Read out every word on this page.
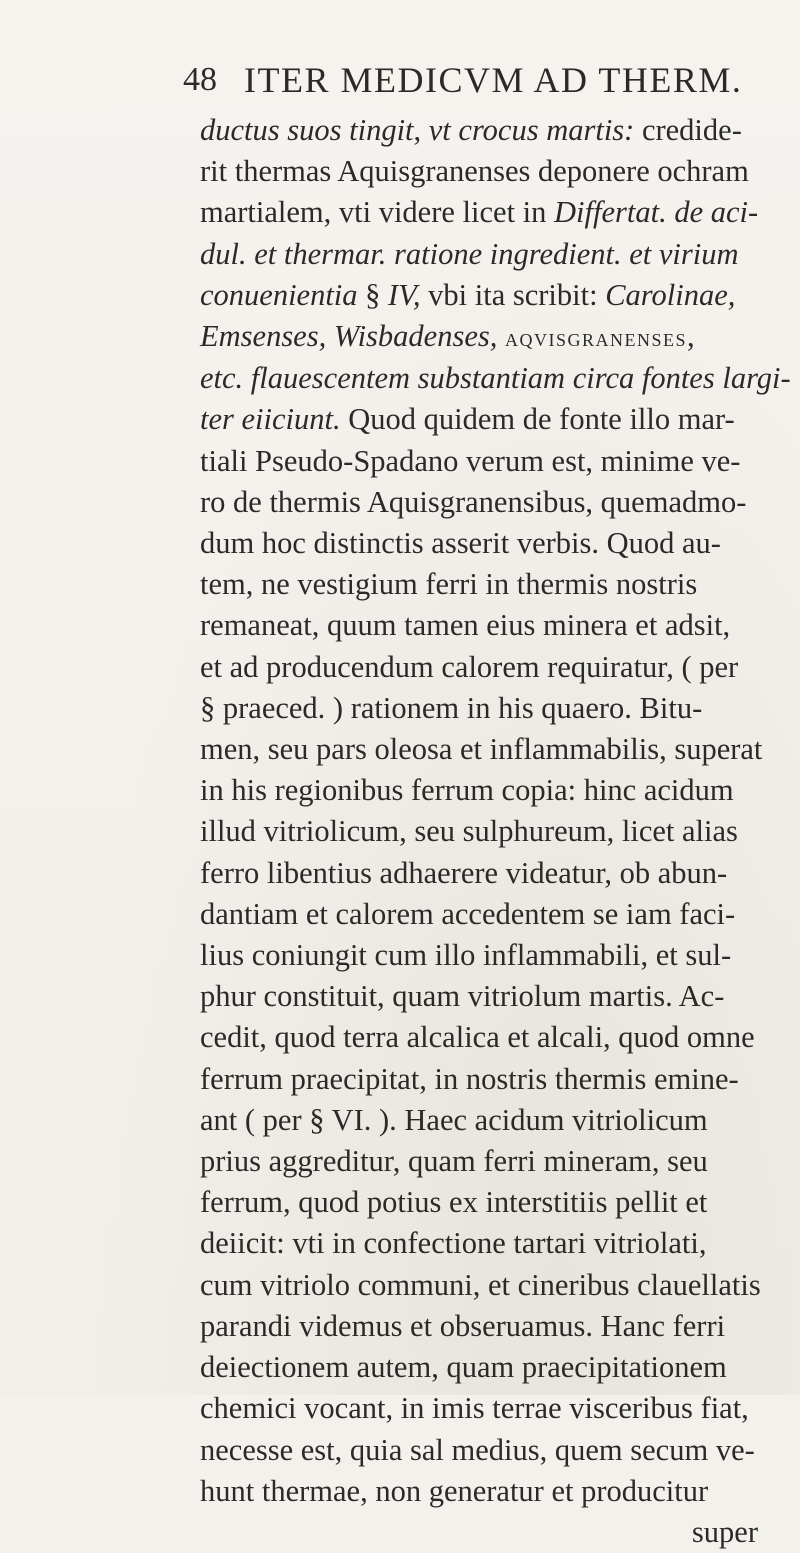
48 ITER MEDICVM AD THERM.
ductus suos tingit, vt crocus martis: credide-
rit thermas Aquisgranenses deponere ochram
martialem, vti videre licet in Differtat. de aci-
dul. et thermar. ratione ingredient. et virium
conuenientia § IV, vbi ita scribit: Carolinae,
Emsenses, Wisbadenses, aqvisgranenses,
etc. flauescentem substantiam circa fontes largi-
ter eiiciunt. Quod quidem de fonte illo mar-
tiali Pseudo-Spadano verum est, minime ve-
ro de thermis Aquisgranensibus, quemadmo-
dum hoc distinctis asserit verbis. Quod au-
tem, ne vestigium ferri in thermis nostris
remaneat, quum tamen eius minera et adsit,
et ad producendum calorem requiratur, ( per
§ praeced. ) rationem in his quaero. Bitu-
men, seu pars oleosa et inflammabilis, superat
in his regionibus ferrum copia: hinc acidum
illud vitriolicum, seu sulphureum, licet alias
ferro libentius adhaerere videatur, ob abun-
dantiam et calorem accedentem se iam faci-
lius coniungit cum illo inflammabili, et sul-
phur constituit, quam vitriolum martis. Ac-
cedit, quod terra alcalica et alcali, quod omne
ferrum praecipitat, in nostris thermis emine-
ant ( per § VI. ). Haec acidum vitriolicum
prius aggreditur, quam ferri mineram, seu
ferrum, quod potius ex interstitiis pellit et
deiicit: vti in confectione tartari vitriolati,
cum vitriolo communi, et cineribus clauellatis
parandi videmus et obseruamus. Hanc ferri
deiectionem autem, quam praecipitationem
chemici vocant, in imis terrae visceribus fiat,
necesse est, quia sal medius, quem secum ve-
hunt thermae, non generatur et producitur
super
